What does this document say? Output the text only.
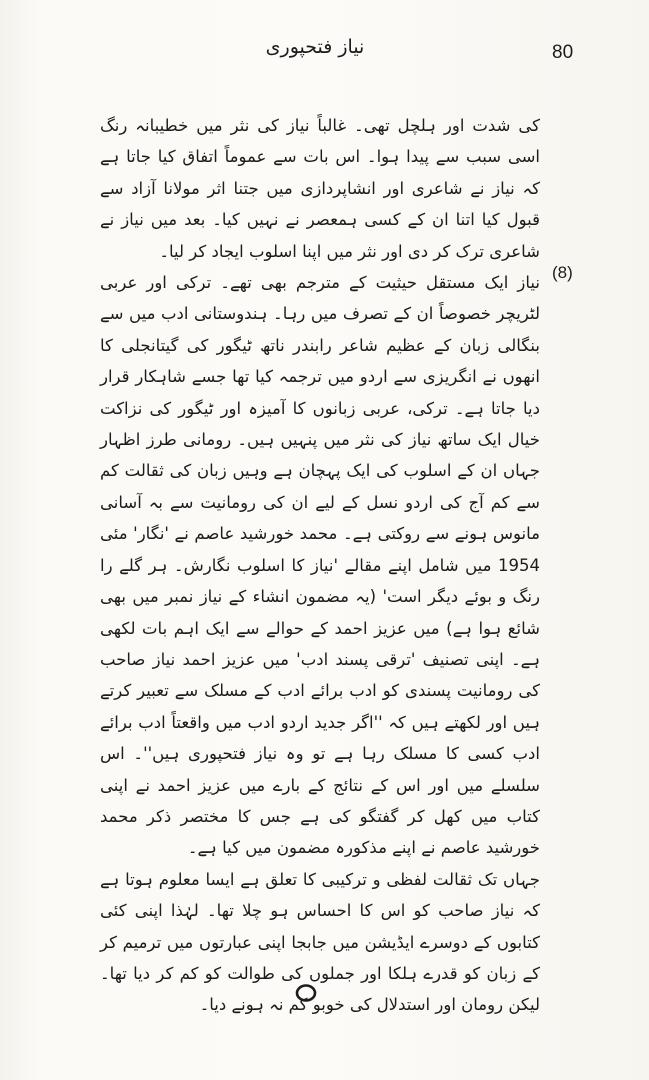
80
نیاز فتحپوری
(8)

کی شدت اور ہلچل تھی۔ غالباً نیاز کی نثر میں خطیبانہ رنگ اسی سبب سے پیدا ہوا۔ اس بات سے عموماً اتفاق کیا جاتا ہے کہ نیاز نے شاعری اور انشاپردازی میں جتنا اثر مولانا آزاد سے قبول کیا اتنا ان کے کسی ہمعصر نے نہیں کیا۔ بعد میں نیاز نے شاعری ترک کر دی اور نثر میں اپنا اسلوب ایجاد کر لیا۔

نیاز ایک مستقل حیثیت کے مترجم بھی تھے۔ ترکی اور عربی لٹریچر خصوصاً ان کے تصرف میں رہا۔ ہندوستانی ادب میں سے بنگالی زبان کے عظیم شاعر رابندر ناتھ ٹیگور کی گیتانجلی کا انھوں نے انگریزی سے اردو میں ترجمہ کیا تھا جسے شاہکار قرار دیا جاتا ہے۔ ترکی، عربی زبانوں کا آمیزہ اور ٹیگور کی نزاکت خیال ایک ساتھ نیاز کی نثر میں پنہیں ہیں۔ رومانی طرز اظہار جہاں ان کے اسلوب کی ایک پہچان ہے وہیں زبان کی ثقالت کم سے کم آج کی اردو نسل کے لیے ان کی رومانیت سے بہ آسانی مانوس ہونے سے روکتی ہے۔ محمد خورشید عاصم نے 'نگار' مئی 1954 میں شامل اپنے مقالے 'نیاز کا اسلوب نگارش۔ ہر گلے را رنگ و بوئے دیگر است' (یہ مضمون انشاء کے نیاز نمبر میں بھی شائع ہوا ہے) میں عزیز احمد کے حوالے سے ایک اہم بات لکھی ہے۔ اپنی تصنیف 'ترقی پسند ادب' میں عزیز احمد نیاز صاحب کی رومانیت پسندی کو ادب برائے ادب کے مسلک سے تعبیر کرتے ہیں اور لکھتے ہیں کہ ''اگر جدید اردو ادب میں واقعتاً ادب برائے ادب کسی کا مسلک رہا ہے تو وہ نیاز فتحپوری ہیں''۔ اس سلسلے میں اور اس کے نتائج کے بارے میں عزیز احمد نے اپنی کتاب میں کھل کر گفتگو کی ہے جس کا مختصر ذکر محمد خورشید عاصم نے اپنے مذکورہ مضمون میں کیا ہے۔

جہاں تک ثقالت لفظی و ترکیبی کا تعلق ہے ایسا معلوم ہوتا ہے کہ نیاز صاحب کو اس کا احساس ہو چلا تھا۔ لہٰذا اپنی کئی کتابوں کے دوسرے ایڈیشن میں جابجا اپنی عبارتوں میں ترمیم کر کے زبان کو قدرے ہلکا اور جملوں کی طوالت کو کم کر دیا تھا۔ لیکن رومان اور استدلال کی خوبو کم نہ ہونے دیا۔
